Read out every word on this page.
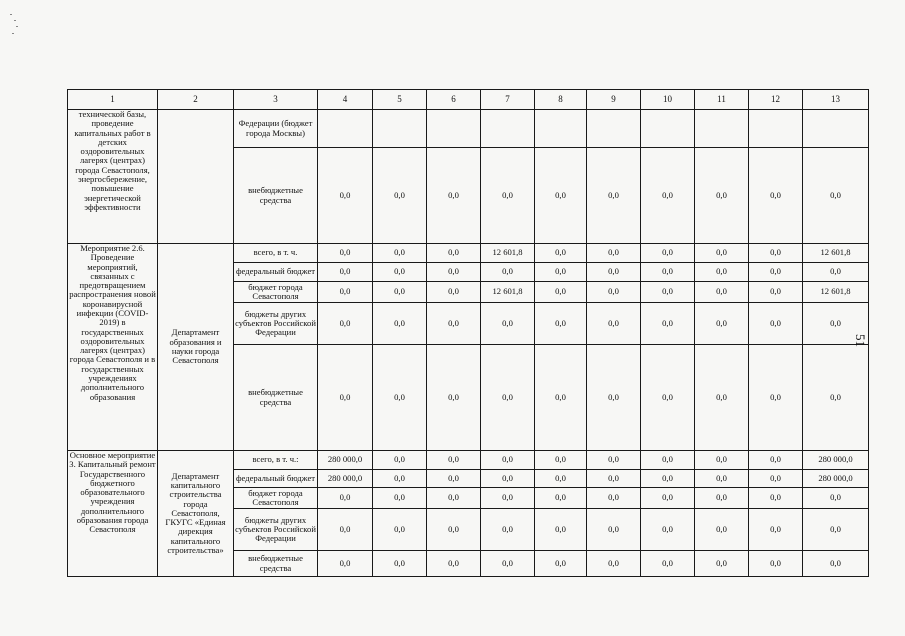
1	2	3	4	5	6	7	8	9	10	11	12	13
технической базы, проведение капитальных работ в детских оздоровительных лагерях (центрах) города Севастополя, энергосбережение, повышение энергетической эффективности		Федерации (бюджет города Москвы)										
		внебюджетные средства	0,0	0,0	0,0	0,0	0,0	0,0	0,0	0,0	0,0	0,0
Мероприятие 2.6. Проведение мероприятий, связанных с предотвращением распространения новой коронавирусной инфекции (COVID-2019) в государственных оздоровительных лагерях (центрах) города Севастополя и в государственных учреждениях дополнительного образования	Департамент образования и науки города Севастополя	всего, в т. ч.	0,0	0,0	0,0	12 601,8	0,0	0,0	0,0	0,0	0,0	12 601,8
		федеральный бюджет	0,0	0,0	0,0	0,0	0,0	0,0	0,0	0,0	0,0	0,0
		бюджет города Севастополя	0,0	0,0	0,0	12 601,8	0,0	0,0	0,0	0,0	0,0	12 601,8
		бюджеты других субъектов Российской Федерации	0,0	0,0	0,0	0,0	0,0	0,0	0,0	0,0	0,0	0,0
		внебюджетные средства	0,0	0,0	0,0	0,0	0,0	0,0	0,0	0,0	0,0	0,0
Основное мероприятие 3. Капитальный ремонт Государственного бюджетного образовательного учреждения дополнительного образования города Севастополя	Департамент капитального строительства города Севастополя, ГКУГС «Единая дирекция капитального строительства»	всего, в т. ч.:	280 000,0	0,0	0,0	0,0	0,0	0,0	0,0	0,0	0,0	280 000,0
		федеральный бюджет	280 000,0	0,0	0,0	0,0	0,0	0,0	0,0	0,0	0,0	280 000,0
		бюджет города Севастополя	0,0	0,0	0,0	0,0	0,0	0,0	0,0	0,0	0,0	0,0
		бюджеты других субъектов Российской Федерации	0,0	0,0	0,0	0,0	0,0	0,0	0,0	0,0	0,0	0,0
		внебюджетные средства	0,0	0,0	0,0	0,0	0,0	0,0	0,0	0,0	0,0	0,0
51
